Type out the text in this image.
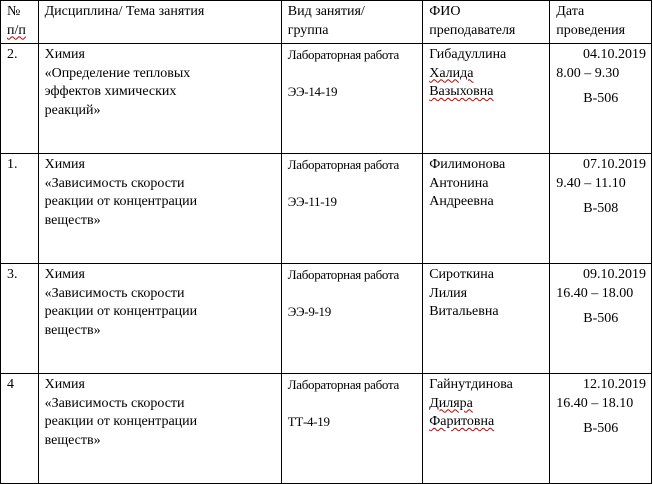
№
п/п	Дисциплина/ Тема занятия	Вид занятия/
группа	ФИО
преподавателя	Дата
проведения

2.	Химия
«Определение тепловых
эффектов химических
реакций»	Лабораторная работа
ЭЭ-14-19	Гибадуллина
Халида
Вазыховна	04.10.2019
8.00 – 9.30
В-506

1.	Химия
«Зависимость скорости
реакции от концентрации
веществ»	Лабораторная работа
ЭЭ-11-19	Филимонова
Антонина
Андреевна	07.10.2019
9.40 – 11.10
В-508

3.	Химия
«Зависимость скорости
реакции от концентрации
веществ»	Лабораторная работа
ЭЭ-9-19	Сироткина
Лилия
Витальевна	09.10.2019
16.40 – 18.00
В-506

4	Химия
«Зависимость скорости
реакции от концентрации
веществ»	Лабораторная работа
ТТ-4-19	Гайнутдинова
Диляра
Фаритовна	12.10.2019
16.40 – 18.10
В-506
